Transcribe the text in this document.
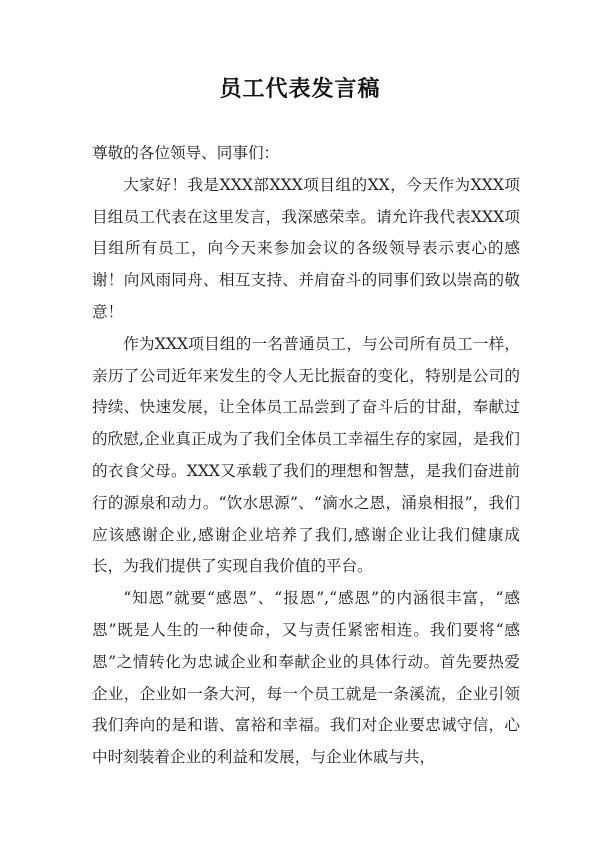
员工代表发言稿

尊敬的各位领导、同事们：

大家好！我是XXX部XXX项目组的XX，今天作为XXX项目组员工代表在这里发言，我深感荣幸。请允许我代表XXX项目组所有员工，向今天来参加会议的各级领导表示衷心的感谢！向风雨同舟、相互支持、并肩奋斗的同事们致以崇高的敬意！

作为XXX项目组的一名普通员工，与公司所有员工一样，亲历了公司近年来发生的令人无比振奋的变化，特别是公司的持续、快速发展，让全体员工品尝到了奋斗后的甘甜，奉献过的欣慰,企业真正成为了我们全体员工幸福生存的家园，是我们的衣食父母。XXX又承载了我们的理想和智慧，是我们奋进前行的源泉和动力。“饮水思源”、“滴水之恩，涌泉相报”，我们应该感谢企业,感谢企业培养了我们,感谢企业让我们健康成长，为我们提供了实现自我价值的平台。

“知恩”就要“感恩”、“报恩”,“感恩”的内涵很丰富，“感恩”既是人生的一种使命，又与责任紧密相连。我们要将“感恩”之情转化为忠诚企业和奉献企业的具体行动。首先要热爱企业，企业如一条大河，每一个员工就是一条溪流，企业引领我们奔向的是和谐、富裕和幸福。我们对企业要忠诚守信，心中时刻装着企业的利益和发展，与企业休戚与共，
